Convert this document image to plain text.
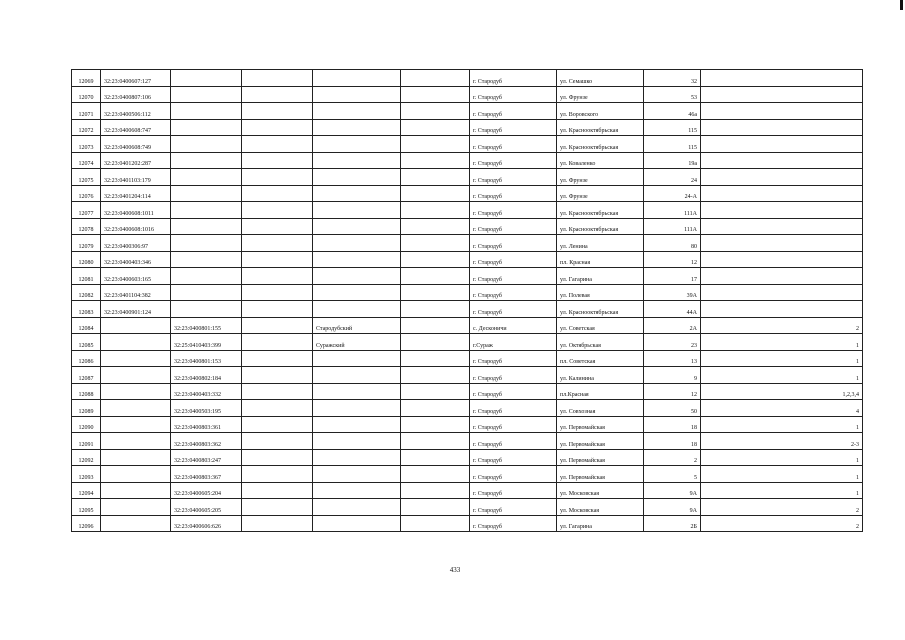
12069	32:23:0400607:127					г. Стародуб	ул. Семашко	32	
12070	32:23:0400807:106					г. Стародуб	ул. Фрунзе	53	
12071	32:23:0400506:112					г. Стародуб	ул. Воровского	46а	
12072	32:23:0400608:747					г. Стародуб	ул. Красноoктябрьская	115	
12073	32:23:0400608:749					г. Стародуб	ул. Красноoктябрьская	115	
12074	32:23:0401202:287					г. Стародуб	ул. Коваленко	19а	
12075	32:23:0401103:179					г. Стародуб	ул. Фрунзе	24	
12076	32:23:0401204:114					г. Стародуб	ул. Фрунзе	24-А	
12077	32:23:0400608:1011					г. Стародуб	ул. Краснооктябрьская	111А	
12078	32:23:0400608:1016					г. Стародуб	ул. Краснооктябрьская	111А	
12079	32:23:0400306:97					г. Стародуб	ул. Ленина	80	
12080	32:23:0400403:346					г. Стародуб	пл. Красная	12	
12081	32:23:0400603:165					г. Стародуб	ул. Гагарина	17	
12082	32:23:0401104:382					г. Стародуб	ул. Полевая	39А	
12083	32:23:0400901:124					г. Стародуб	ул. Краснооктябрьская	44А	
12084		32:23:0400801:155		Стародубский		с. Десконичи	ул. Советская	2А	2
12085		32:25:0410403:399		Суражский		г.Сураж	ул. Октябрьская	23	1
12086		32:23:0400801:153				г. Стародуб	пл. Советская	13	1
12087		32:23:0400802:184				г. Стародуб	ул. Калинина	9	1
12088		32:23:0400403:332				г. Стародуб	пл.Красная	12	1,2,3,4
12089		32:23:0400503:195				г. Стародуб	ул. Совхозная	50	4
12090		32:23:0400803:361				г. Стародуб	ул. Первомайская	18	1
12091		32:23:0400803:362				г. Стародуб	ул. Первомайская	18	2-3
12092		32:23:0400803:247				г. Стародуб	ул. Первомайская	2	1
12093		32:23:0400803:367				г. Стародуб	ул. Первомайская	5	1
12094		32:23:0400605:204				г. Стародуб	ул. Московская	9А	1
12095		32:23:0400605:205				г. Стародуб	ул. Московская	9А	2
12096		32:23:0400606:626				г. Стародуб	ул. Гагарина	2Б	2
433
